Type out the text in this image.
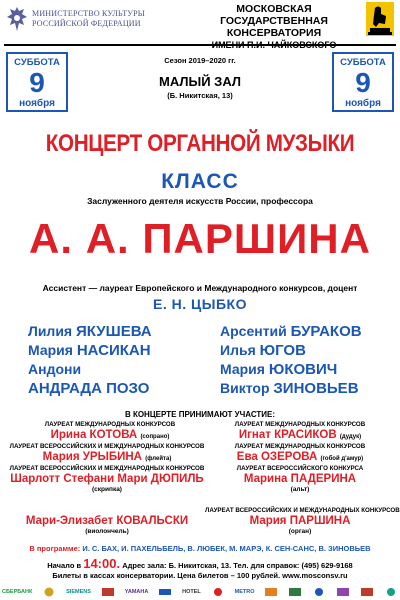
МИНИСТЕРСТВО КУЛЬТУРЫ
РОССИЙСКОЙ ФЕДЕРАЦИИ
МОСКОВСКАЯ ГОСУДАРСТВЕННАЯ
КОНСЕРВАТОРИЯ
СУББОТА
9
ноября
СУББОТА
9
ноября
Сезон 2019–2020 гг.
МАЛЫЙ ЗАЛ
(Б. Никитская, 13)
КОНЦЕРТ ОРГАННОЙ МУЗЫКИ
КЛАСС
Заслуженного деятеля искусств России, профессора
А. А. ПАРШИНА
Ассистент — лауреат Европейского и Международного конкурсов, доцент
Е. Н. ЦЫБКО
Лилия ЯКУШЕВА
Мария НАСИКАН
Андони
АНДРАДА ПОЗО
Арсентий БУРАКОВ
Илья ЮГОВ
Мария ЮКОВИЧ
Виктор ЗИНОВЬЕВ
В КОНЦЕРТЕ ПРИНИМАЮТ УЧАСТИЕ:
ЛАУРЕАТ МЕЖДУНАРОДНЫХ КОНКУРСОВ
Ирина КОТОВА (сопрано)
ЛАУРЕАТ МЕЖДУНАРОДНЫХ КОНКУРСОВ
Игнат КРАСИКОВ (дудук)
ЛАУРЕАТ ВСЕРОССИЙСКИХ И МЕЖДУНАРОДНЫХ КОНКУРСОВ
Мария УРЫБИНА (флейта)
ЛАУРЕАТ МЕЖДУНАРОДНЫХ КОНКУРСОВ
Ева ОЗЕРОВА (гобой д'амур)
ЛАУРЕАТ ВСЕРОССИЙСКИХ И МЕЖДУНАРОДНЫХ КОНКУРСОВ
Шарлотт Стефани Мари ДЮПИЛЬ
(скрипка)
ЛАУРЕАТ ВСЕРОССИЙСКОГО КОНКУРСА
Марина ПАДЕРИНА
(альт)
Мари-Элизабет КОВАЛЬСКИ
(виолончель)
ЛАУРЕАТ ВСЕРОССИЙСКИХ И МЕЖДУНАРОДНЫХ КОНКУРСОВ
Мария ПАРШИНА
(орган)
В программе: И. С. БАХ, И. ПАХЕЛЬБЕЛЬ, В. ЛЮБЕК, М. МАРЭ, К. СЕН-САНС, В. ЗИНОВЬЕВ
Начало в 14:00. Адрес зала: Б. Никитская, 13. Тел. для справок: (495) 629-9168
Билеты в кассах консерватории. Цена билетов – 100 рублей. www.mosconsv.ru
СБЕРБАНК	SIEMENS	YAMAHA	HOTEL	METRO
